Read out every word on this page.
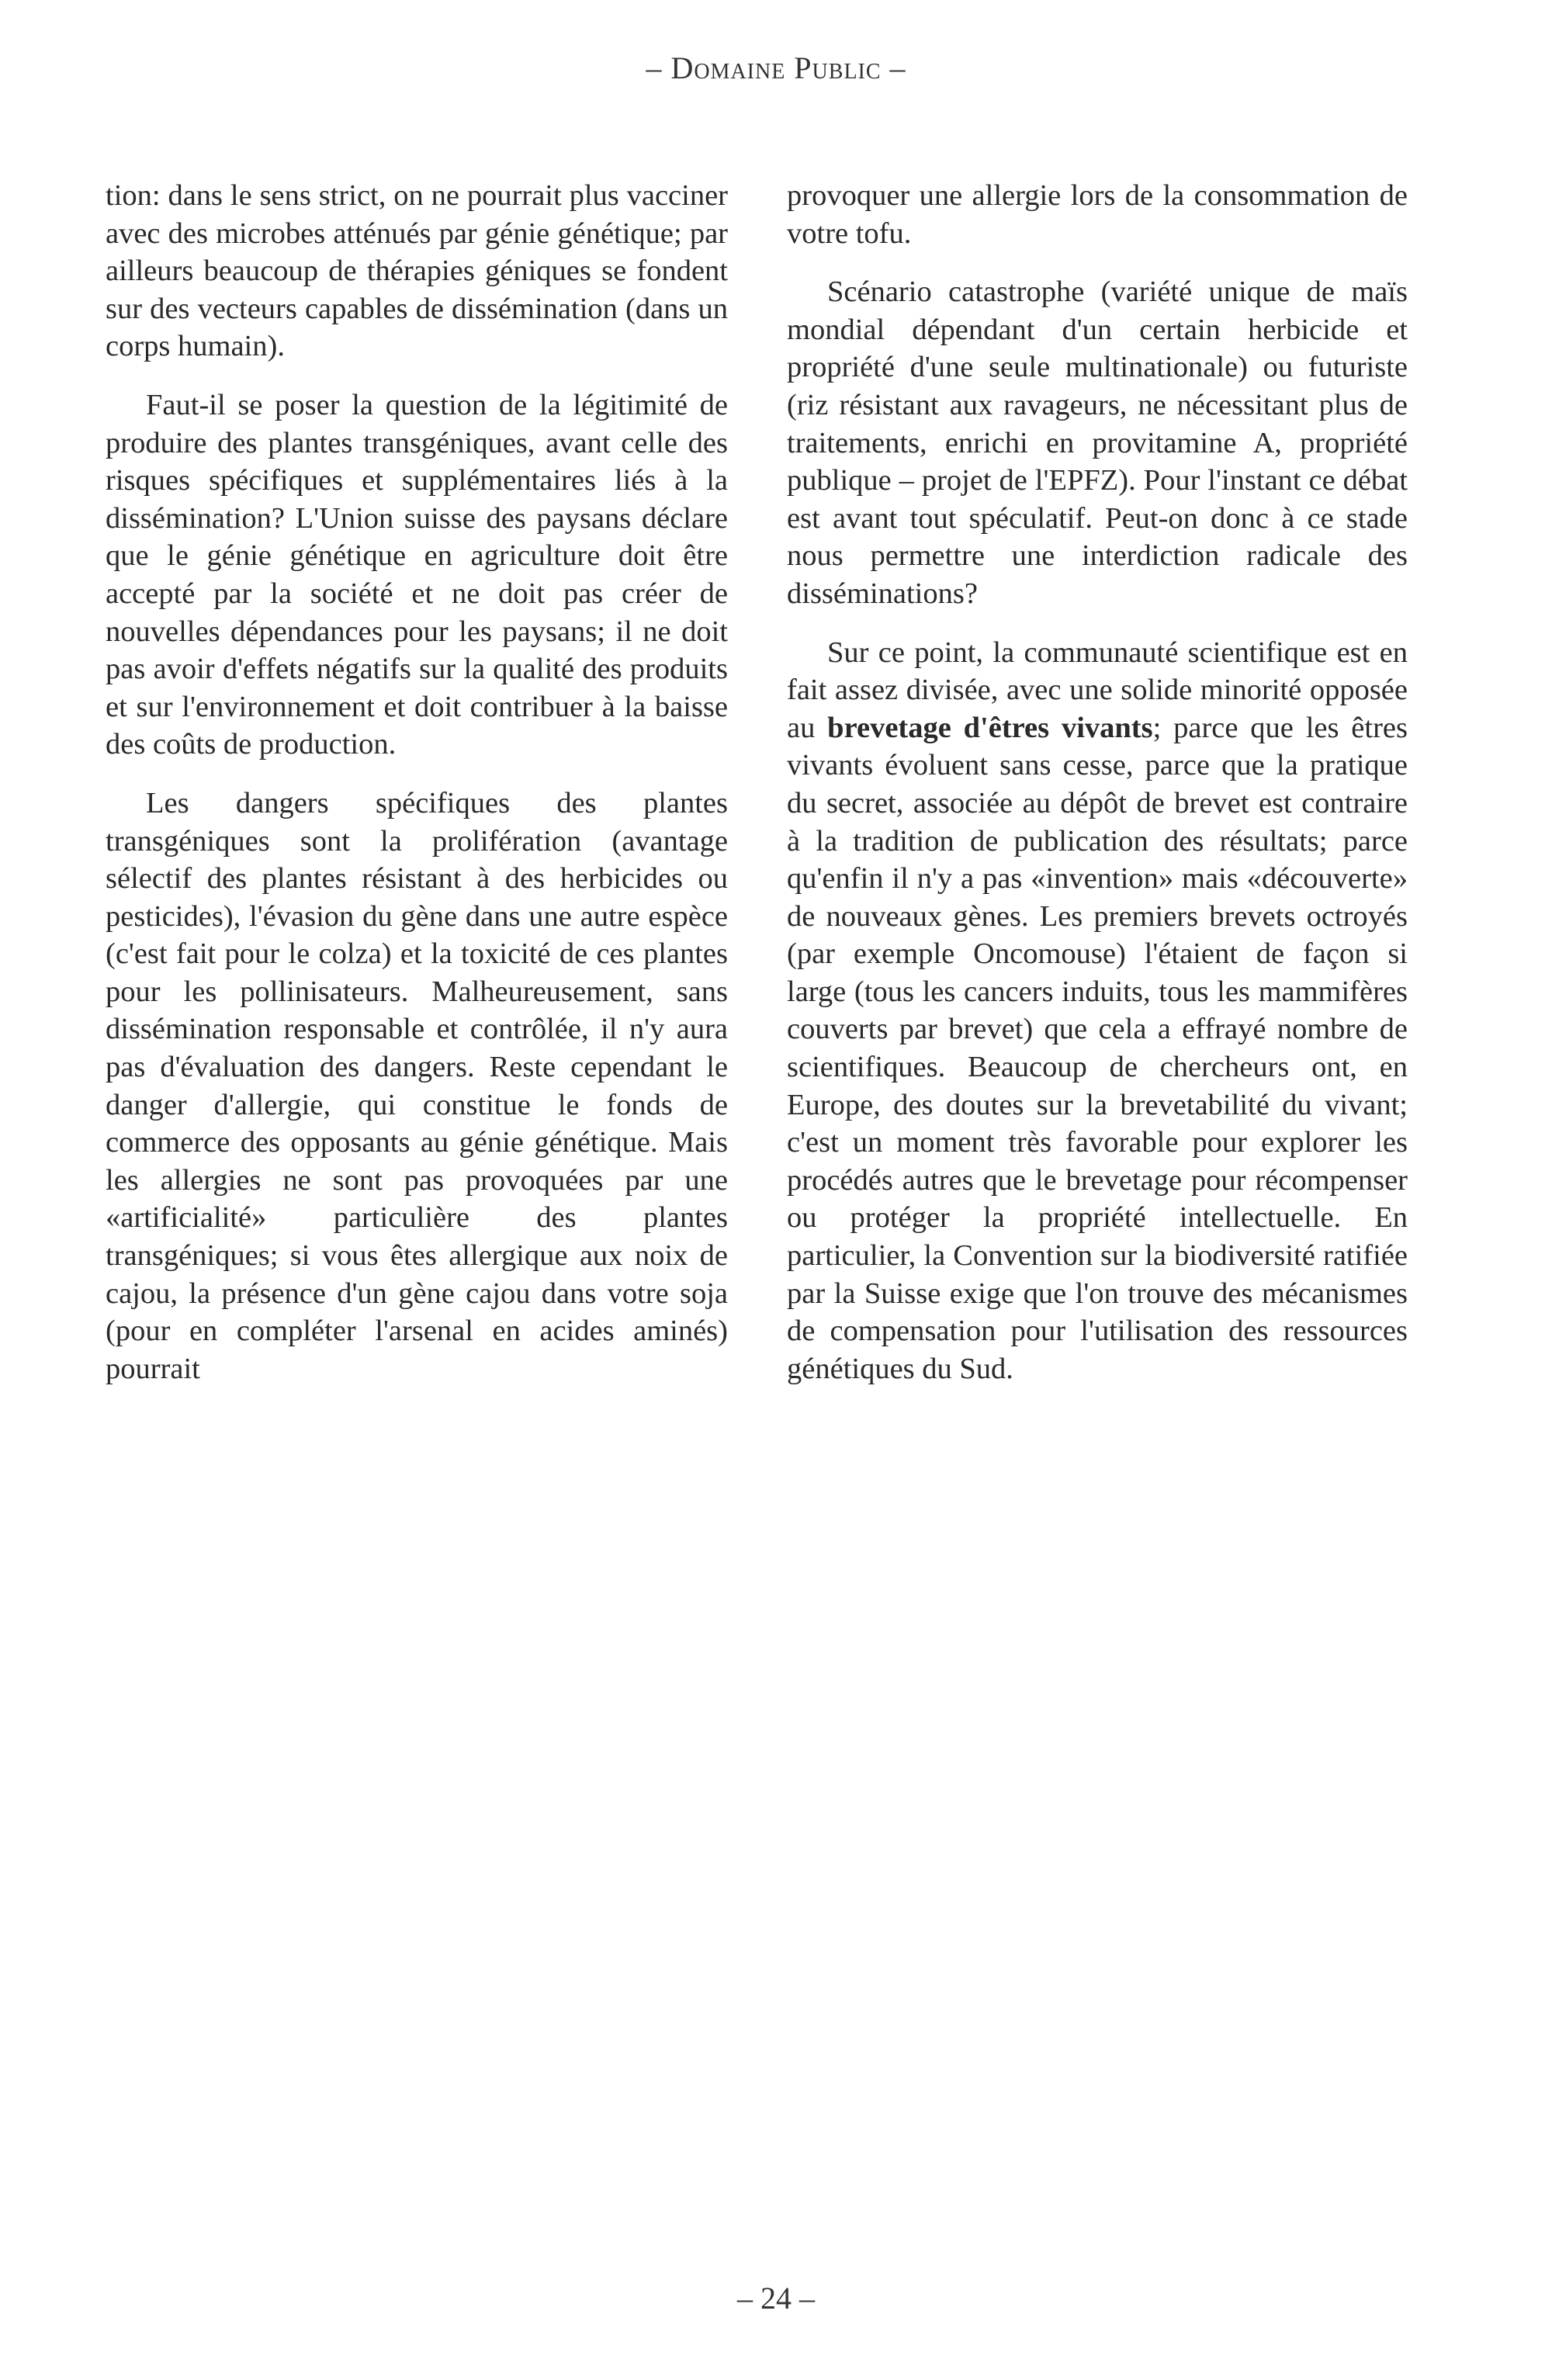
– Domaine Public –

tion: dans le sens strict, on ne pourrait plus vacciner avec des microbes atténués par génie génétique; par ailleurs beaucoup de thérapies géniques se fondent sur des vecteurs capables de dissémination (dans un corps humain).

Faut-il se poser la question de la légitimité de produire des plantes transgéniques, avant celle des risques spécifiques et supplémentaires liés à la dissémination? L'Union suisse des paysans déclare que le génie génétique en agriculture doit être accepté par la société et ne doit pas créer de nouvelles dépendances pour les paysans; il ne doit pas avoir d'effets négatifs sur la qualité des produits et sur l'environnement et doit contribuer à la baisse des coûts de production.

Les dangers spécifiques des plantes transgéniques sont la prolifération (avantage sélectif des plantes résistant à des herbicides ou pesticides), l'évasion du gène dans une autre espèce (c'est fait pour le colza) et la toxicité de ces plantes pour les pollinisateurs. Malheureusement, sans dissémination responsable et contrôlée, il n'y aura pas d'évaluation des dangers. Reste cependant le danger d'allergie, qui constitue le fonds de commerce des opposants au génie génétique. Mais les allergies ne sont pas provoquées par une «artificialité» particulière des plantes transgéniques; si vous êtes allergique aux noix de cajou, la présence d'un gène cajou dans votre soja (pour en compléter l'arsenal en acides aminés) pourrait

provoquer une allergie lors de la consommation de votre tofu.

Scénario catastrophe (variété unique de maïs mondial dépendant d'un certain herbicide et propriété d'une seule multinationale) ou futuriste (riz résistant aux ravageurs, ne nécessitant plus de traitements, enrichi en provitamine A, propriété publique – projet de l'EPFZ). Pour l'instant ce débat est avant tout spéculatif. Peut-on donc à ce stade nous permettre une interdiction radicale des disséminations?

Sur ce point, la communauté scientifique est en fait assez divisée, avec une solide minorité opposée au brevetage d'êtres vivants; parce que les êtres vivants évoluent sans cesse, parce que la pratique du secret, associée au dépôt de brevet est contraire à la tradition de publication des résultats; parce qu'enfin il n'y a pas «invention» mais «découverte» de nouveaux gènes. Les premiers brevets octroyés (par exemple Oncomouse) l'étaient de façon si large (tous les cancers induits, tous les mammifères couverts par brevet) que cela a effrayé nombre de scientifiques. Beaucoup de chercheurs ont, en Europe, des doutes sur la brevetabilité du vivant; c'est un moment très favorable pour explorer les procédés autres que le brevetage pour récompenser ou protéger la propriété intellectuelle. En particulier, la Convention sur la biodiversité ratifiée par la Suisse exige que l'on trouve des mécanismes de compensation pour l'utilisation des ressources génétiques du Sud.

– 24 –
